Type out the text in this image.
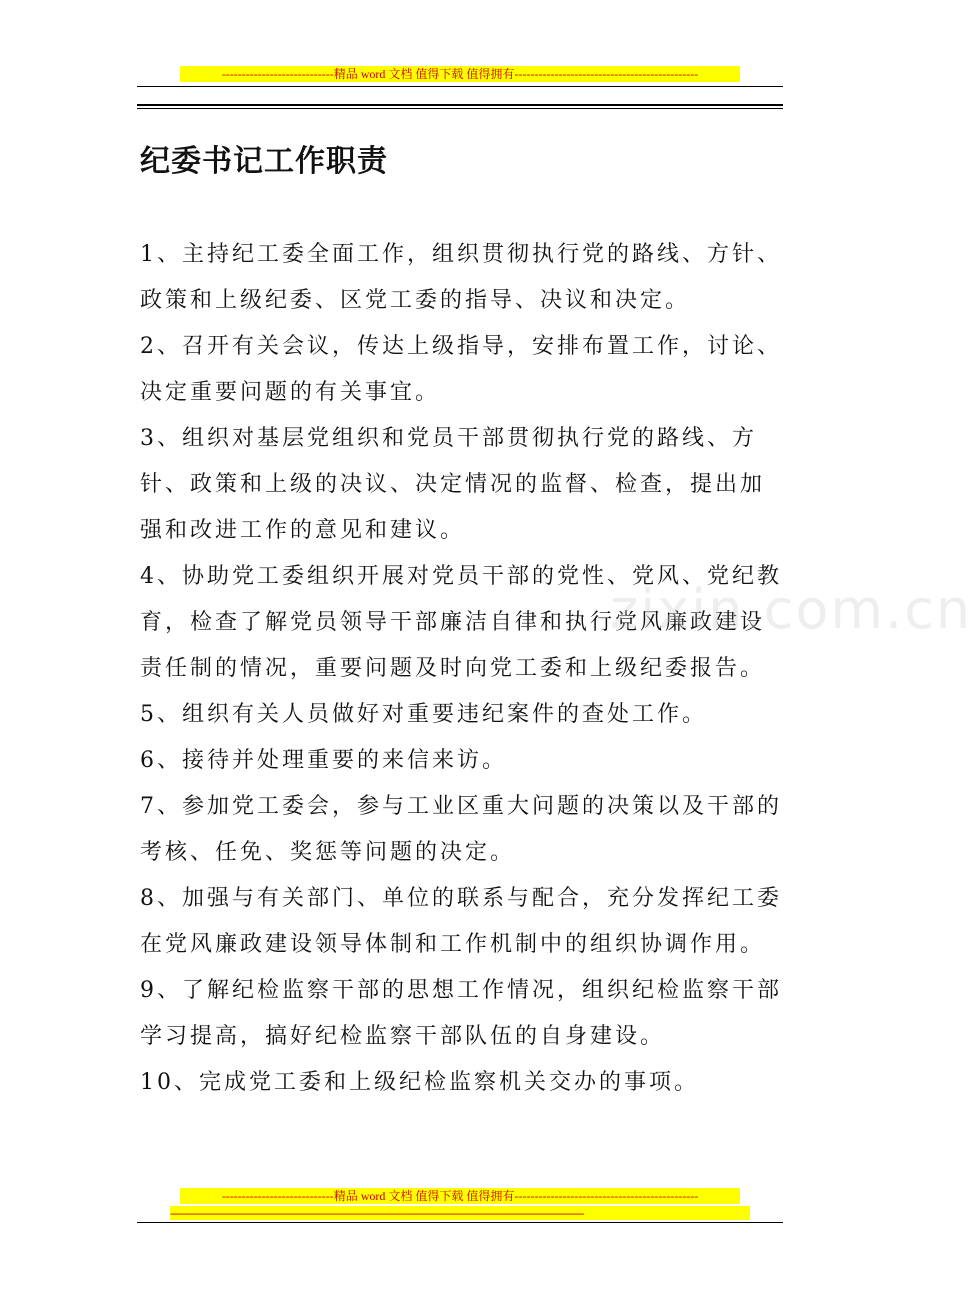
----------------------------精品 word 文档 值得下载 值得拥有----------------------------------------------
纪委书记工作职责

1、主持纪工委全面工作，组织贯彻执行党的路线、方针、政策和上级纪委、区党工委的指导、决议和决定。

2、召开有关会议，传达上级指导，安排布置工作，讨论、决定重要问题的有关事宜。

3、组织对基层党组织和党员干部贯彻执行党的路线、方针、政策和上级的决议、决定情况的监督、检查，提出加强和改进工作的意见和建议。

4、协助党工委组织开展对党员干部的党性、党风、党纪教育，检查了解党员领导干部廉洁自律和执行党风廉政建设责任制的情况，重要问题及时向党工委和上级纪委报告。

5、组织有关人员做好对重要违纪案件的查处工作。

6、接待并处理重要的来信来访。

7、参加党工委会，参与工业区重大问题的决策以及干部的考核、任免、奖惩等问题的决定。

8、加强与有关部门、单位的联系与配合，充分发挥纪工委在党风廉政建设领导体制和工作机制中的组织协调作用。

9、了解纪检监察干部的思想工作情况，组织纪检监察干部学习提高，搞好纪检监察干部队伍的自身建设。

10、完成党工委和上级纪检监察机关交办的事项。

zixin.com.cn
----------------------------精品 word 文档 值得下载 值得拥有----------------------------------------------
------------------------------------------------------------------------------------------------------------------------------------------
